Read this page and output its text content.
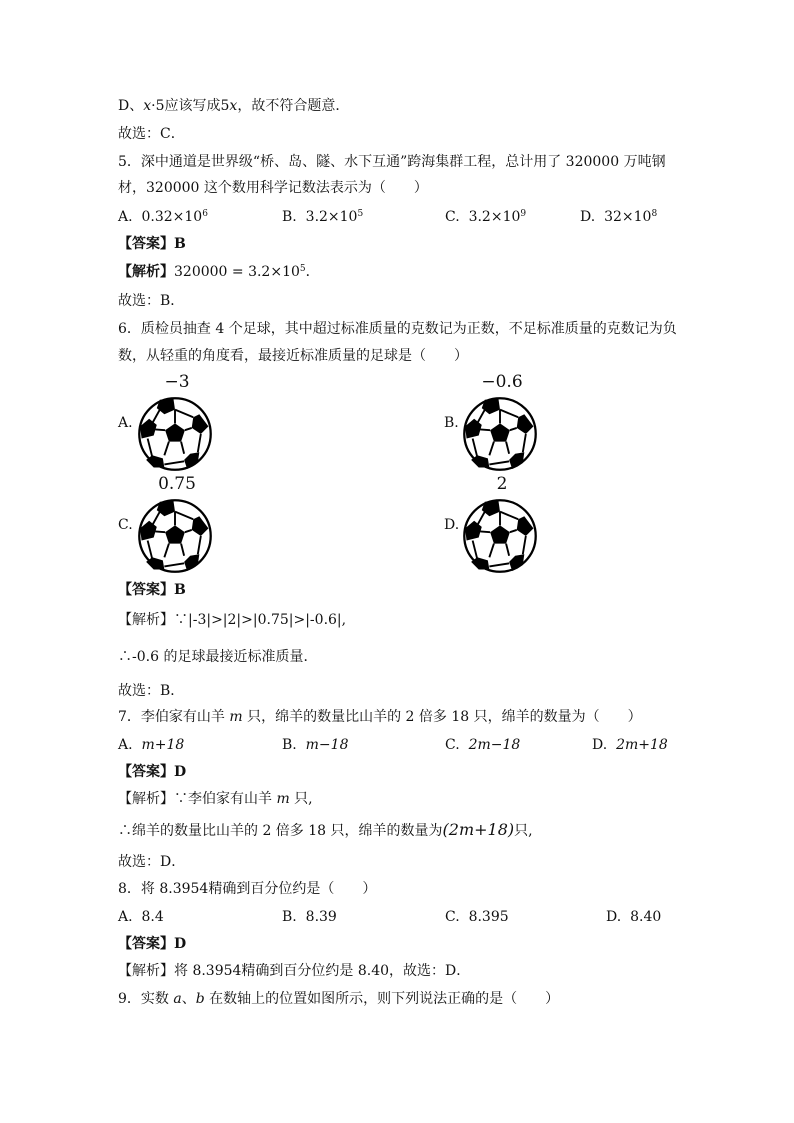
D、x·5应该写成5x，故不符合题意．
故选：C．
5．深中通道是世界级“桥、岛、隧、水下互通”跨海集群工程，总计用了 320000 万吨钢
材，320000 这个数用科学记数法表示为（　　）
A. $0.32\times 10^6$	B. $3.2\times 10^5$	C. $3.2\times 10^9$	D. $32\times 10^8$
【答案】B
【解析】$320000 = 3.2\times 10^5$．
故选：B．
6．质检员抽查 4 个足球，其中超过标准质量的克数记为正数，不足标准质量的克数记为负
数，从轻重的角度看，最接近标准质量的足球是（　　）
A.
−3
B.
−0.6
C.
0.75
D.
2
【答案】B
【解析】∵|-3|>|2|>|0.75|>|-0.6|,
∴-0.6 的足球最接近标准质量．
故选：B．
7．李伯家有山羊 m 只，绵羊的数量比山羊的 2 倍多 18 只，绵羊的数量为（　　）
A. m+18	B. m−18	C. 2m−18	D. 2m+18
【答案】D
【解析】∵李伯家有山羊 m 只,
∴绵羊的数量比山羊的 2 倍多 18 只，绵羊的数量为(2m+18)只,
故选：D．
8．将 8.3954精确到百分位约是（　　）
A. 8.4	B. 8.39	C. 8.395	D. 8.40
【答案】D
【解析】将 8.3954精确到百分位约是 8.40，故选：D．
9．实数 a、b 在数轴上的位置如图所示，则下列说法正确的是（　　）
